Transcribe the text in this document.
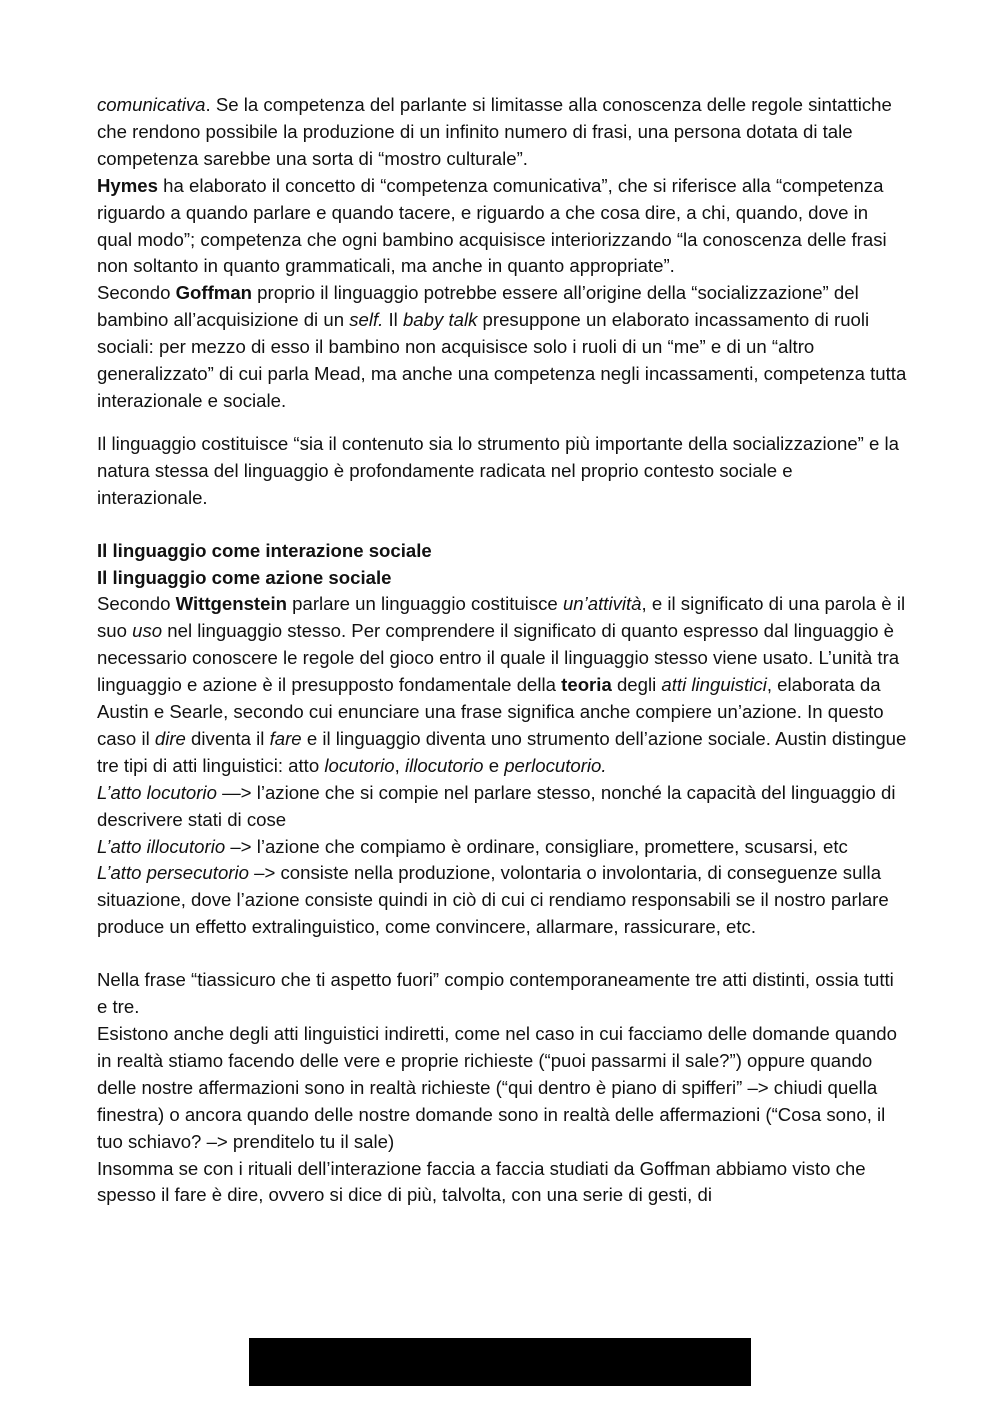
comunicativa. Se la competenza del parlante si limitasse alla conoscenza delle regole sintattiche che rendono possibile la produzione di un infinito numero di frasi, una persona dotata di tale competenza sarebbe una sorta di “mostro culturale”.

Hymes ha elaborato il concetto di “competenza comunicativa”, che si riferisce alla “competenza riguardo a quando parlare e quando tacere, e riguardo a che cosa dire, a chi, quando, dove in qual modo”; competenza che ogni bambino acquisisce interiorizzando “la conoscenza delle frasi non soltanto in quanto grammaticali, ma anche in quanto appropriate”.

Secondo Goffman proprio il linguaggio potrebbe essere all’origine della “socializzazione” del bambino all’acquisizione di un self. Il baby talk presuppone un elaborato incassamento di ruoli sociali: per mezzo di esso il bambino non acquisisce solo i ruoli di un “me” e di un “altro generalizzato” di cui parla Mead, ma anche una competenza negli incassamenti, competenza tutta interazionale e sociale.

Il linguaggio costituisce “sia il contenuto sia lo strumento più importante della socializzazione” e la natura stessa del linguaggio è profondamente radicata nel proprio contesto sociale e interazionale.

Il linguaggio come interazione sociale

Il linguaggio come azione sociale

Secondo Wittgenstein parlare un linguaggio costituisce un’attività, e il significato di una parola è il suo uso nel linguaggio stesso. Per comprendere il significato di quanto espresso dal linguaggio è necessario conoscere le regole del gioco entro il quale il linguaggio stesso viene usato. L’unità tra linguaggio e azione è il presupposto fondamentale della teoria degli atti linguistici, elaborata da Austin e Searle, secondo cui enunciare una frase significa anche compiere un’azione. In questo caso il dire diventa il fare e il linguaggio diventa uno strumento dell’azione sociale. Austin distingue tre tipi di atti linguistici: atto locutorio, illocutorio e perlocutorio.

L’atto locutorio —> l’azione che si compie nel parlare stesso, nonché la capacità del linguaggio di descrivere stati di cose

L’atto illocutorio –> l’azione che compiamo è ordinare, consigliare, promettere, scusarsi, etc

L’atto persecutorio –> consiste nella produzione, volontaria o involontaria, di conseguenze sulla situazione, dove l’azione consiste quindi in ciò di cui ci rendiamo responsabili se il nostro parlare produce un effetto extralinguistico, come convincere, allarmare, rassicurare, etc.

Nella frase “tiassicuro che ti aspetto fuori” compio contemporaneamente tre atti distinti, ossia tutti e tre.

Esistono anche degli atti linguistici indiretti, come nel caso in cui facciamo delle domande quando in realtà stiamo facendo delle vere e proprie richieste (“puoi passarmi il sale?”) oppure quando delle nostre affermazioni sono in realtà richieste (“qui dentro è piano di spifferi” –> chiudi quella finestra) o ancora quando delle nostre domande sono in realtà delle affermazioni (“Cosa sono, il tuo schiavo? –> prenditelo tu il sale)

Insomma se con i rituali dell’interazione faccia a faccia studiati da Goffman abbiamo visto che spesso il fare è dire, ovvero si dice di più, talvolta, con una serie di gesti, di
